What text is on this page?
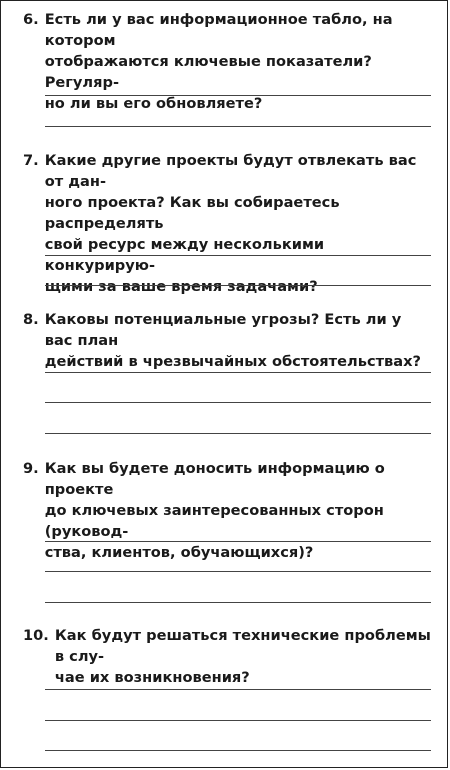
6. Есть ли у вас информационное табло, на котором
отображаются ключевые показатели? Регуляр-
но ли вы его обновляете?
7. Какие другие проекты будут отвлекать вас от дан-
ного проекта? Как вы собираетесь распределять
свой ресурс между несколькими конкурирую-
щими за ваше время задачами?
8. Каковы потенциальные угрозы? Есть ли у вас план
действий в чрезвычайных обстоятельствах?
9. Как вы будете доносить информацию о проекте
до ключевых заинтересованных сторон (руковод-
ства, клиентов, обучающихся)?
10. Как будут решаться технические проблемы в слу-
чае их возникновения?
